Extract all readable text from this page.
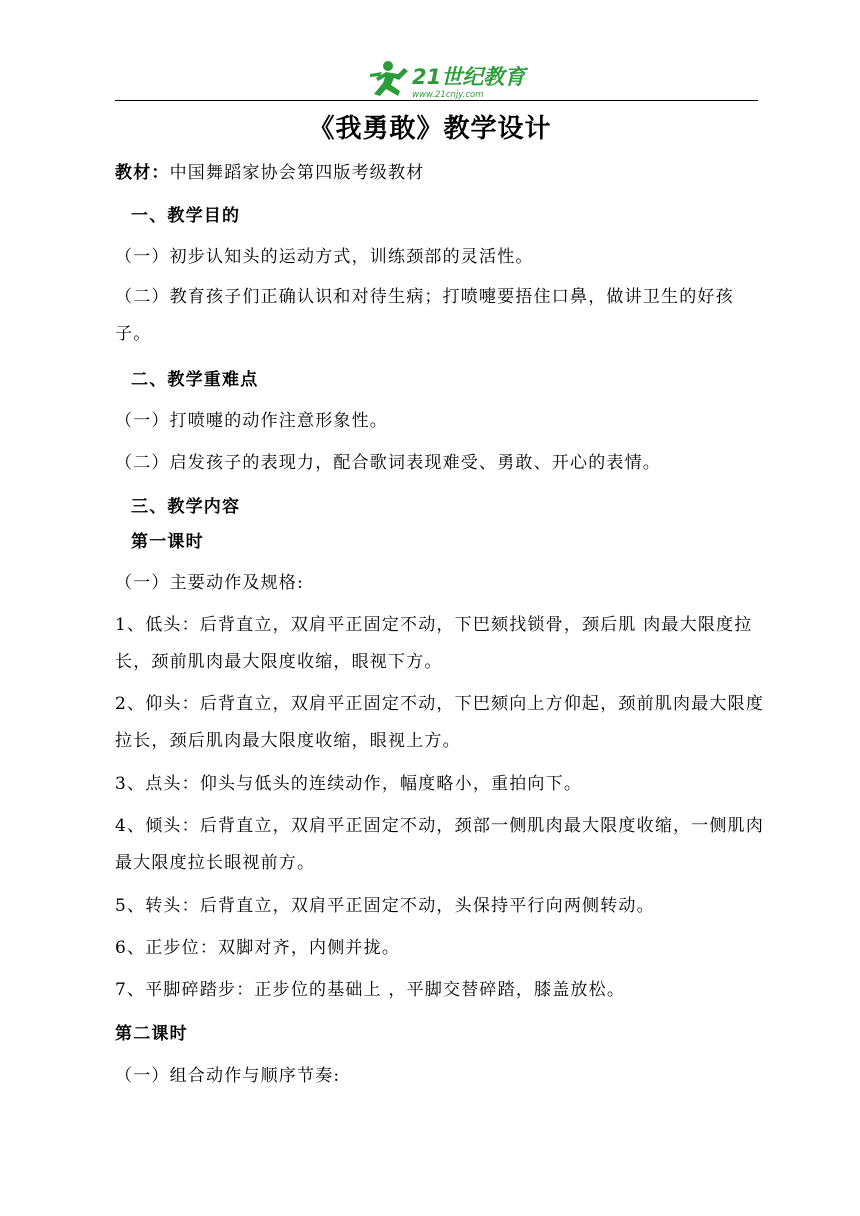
21世纪教育
www.21cnjy.com
《我勇敢》教学设计
教材：中国舞蹈家协会第四版考级教材
一、教学目的
（一）初步认知头的运动方式，训练颈部的灵活性。
（二）教育孩子们正确认识和对待生病；打喷嚏要捂住口鼻，做讲卫生的好孩子。
二、教学重难点
（一）打喷嚏的动作注意形象性。
（二）启发孩子的表现力，配合歌词表现难受、勇敢、开心的表情。
三、教学内容
第一课时
（一）主要动作及规格:
1、低头：后背直立，双肩平正固定不动，下巴颏找锁骨，颈后肌 肉最大限度拉长，颈前肌肉最大限度收缩，眼视下方。
2、仰头：后背直立，双肩平正固定不动，下巴颏向上方仰起，颈前肌肉最大限度拉长，颈后肌肉最大限度收缩，眼视上方。
3、点头：仰头与低头的连续动作，幅度略小，重拍向下。
4、倾头：后背直立，双肩平正固定不动，颈部一侧肌肉最大限度收缩，一侧肌肉最大限度拉长眼视前方。
5、转头：后背直立，双肩平正固定不动，头保持平行向两侧转动。
6、正步位：双脚对齐，内侧并拢。
7、平脚碎踏步：正步位的基础上 ，平脚交替碎踏，膝盖放松。
第二课时
（一）组合动作与顺序节奏:
